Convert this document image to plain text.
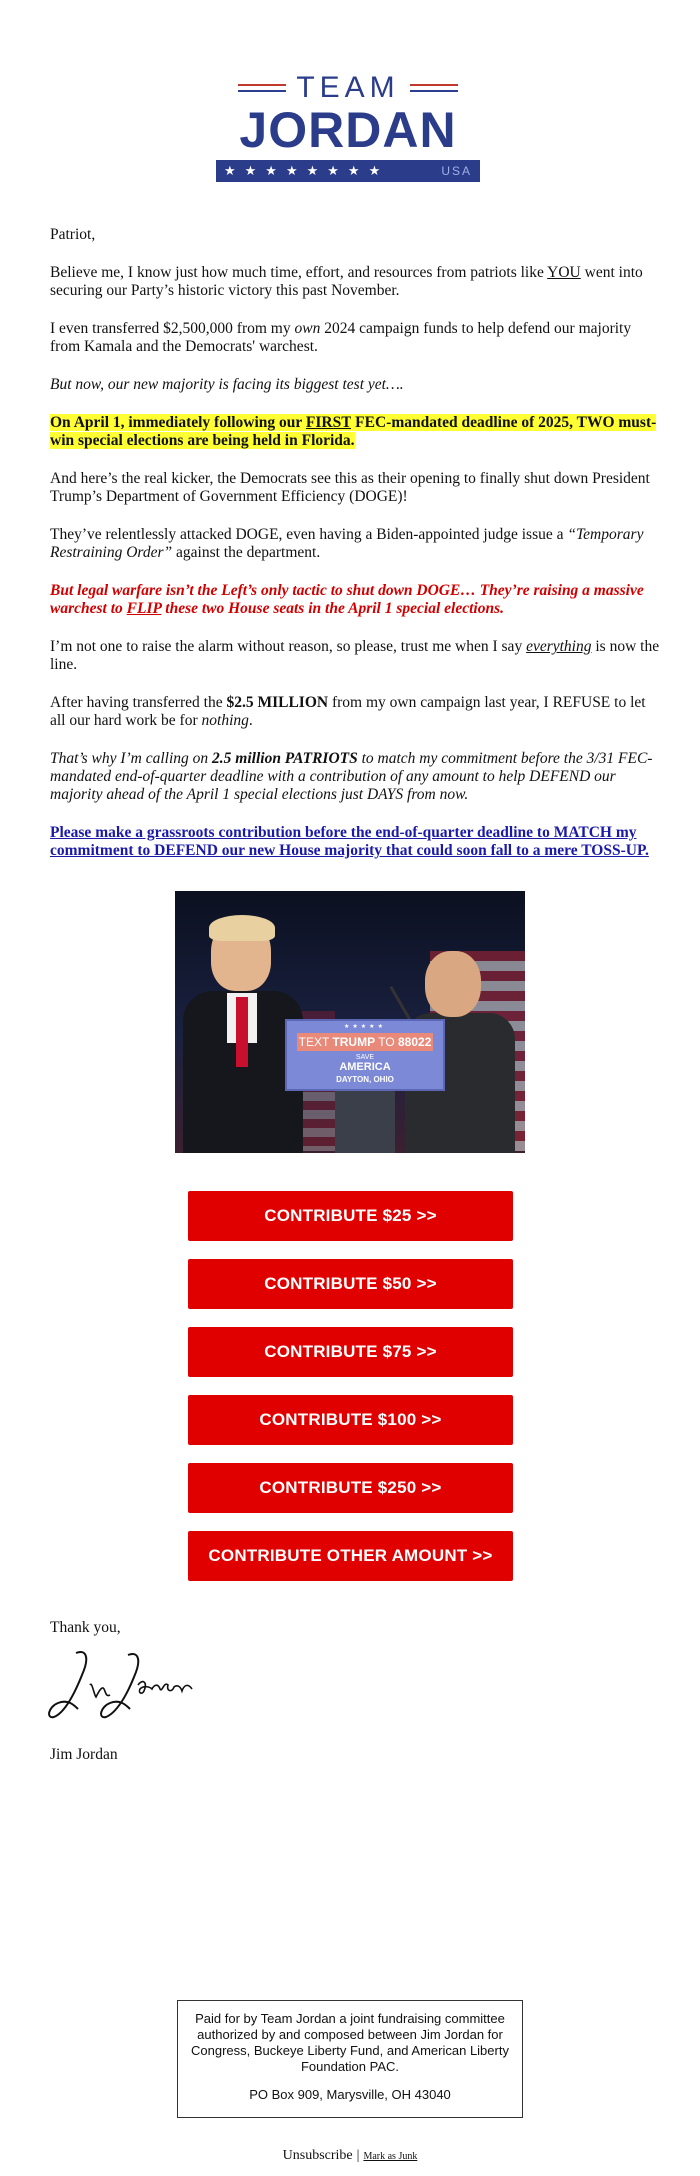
TEAM
JORDAN
★★★★★★★★	USA

Patriot,

Believe me, I know just how much time, effort, and resources from patriots like YOU went into securing our Party’s historic victory this past November.

I even transferred $2,500,000 from my own 2024 campaign funds to help defend our majority from Kamala and the Democrats' warchest.

But now, our new majority is facing its biggest test yet….

On April 1, immediately following our FIRST FEC-mandated deadline of 2025, TWO must-win special elections are being held in Florida.

And here’s the real kicker, the Democrats see this as their opening to finally shut down President Trump’s Department of Government Efficiency (DOGE)!

They’ve relentlessly attacked DOGE, even having a Biden-appointed judge issue a “Temporary Restraining Order” against the department.

But legal warfare isn’t the Left’s only tactic to shut down DOGE… They’re raising a massive warchest to FLIP these two House seats in the April 1 special elections.

I’m not one to raise the alarm without reason, so please, trust me when I say everything is now the line.

After having transferred the $2.5 MILLION from my own campaign last year, I REFUSE to let all our hard work be for nothing.

That’s why I’m calling on 2.5 million PATRIOTS to match my commitment before the 3/31 FEC-mandated end-of-quarter deadline with a contribution of any amount to help DEFEND our majority ahead of the April 1 special elections just DAYS from now.

Please make a grassroots contribution before the end-of-quarter deadline to MATCH my commitment to DEFEND our new House majority that could soon fall to a mere TOSS-UP.

★★★★★
TEXT TRUMP TO 88022
SAVE
AMERICA
DAYTON, OHIO
CONTRIBUTE $25 >>
CONTRIBUTE $50 >>
CONTRIBUTE $75 >>
CONTRIBUTE $100 >>
CONTRIBUTE $250 >>
CONTRIBUTE OTHER AMOUNT >>
Thank you,
Jim Jordan
Paid for by Team Jordan a joint fundraising committee authorized by and composed between Jim Jordan for Congress, Buckeye Liberty Fund, and American Liberty Foundation PAC.
PO Box 909, Marysville, OH 43040
Unsubscribe | Mark as Junk
